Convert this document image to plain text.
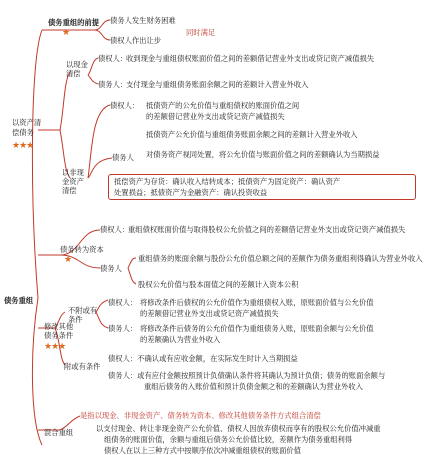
债务重组
债务重组的前提
★
债务人发生财务困难
债权人作出让步
同时满足
以资产清偿债务
★★★
以现金清偿
债权人：
收到现金与重组债权账面价值之间的差额借记营业外支出或贷记资产减值损失
债务人：
支付现金与重组债务账面余额之间的差额计入营业外收入
以非现金资产清偿
债权人： 抵债资产的公允价值与重组债权的账面价值之间
的差额借记营业外支出或贷记资产减值损失
债务人
抵债资产公允价值与重组债务账面余额之间的差额计入营业外收入
对债务资产视同处置，将公允价值与账面价值之间的差额确认为当期损益
抵偿资产为存货：确认收入结转成本；抵债资产为固定资产：确认资产
处置损益；抵债资产为金融资产：确认投资收益
债务转为资本
★
债权人：
重组债权账面价值与取得股权公允价值之间的差额借记营业外支出或贷记资产减值损失
债务人
重组债务的账面余额与股份公允价值总额之间的差额作为债务重组利得确认为营业外收入
股权公允价值与股本面值之间的差额计入资本公积
修改其他债务条件
★★★
不附或有条件
债权人： 将修改条件后债权的公允价值作为重组债权入账，原账面价值与公允价值
的差额借记营业外支出或贷记资产减值损失
债务人： 将修改条件后债务的公允价值作为重组债务入账，原账面余额与公允价值
的差额确认为营业外收入
附或有条件
债权人：不确认或有应收金额，在实际发生时计入当期损益
债务人：或有应付金额按照预计负债确认条件将其确认为预计负债；债务的账面余额与
重组后债务的入账价值和预计负债金额之和的差额确认为营业外收入
混合重组
是指以现金、非现金资产、债务转为资本、修改其他债务条件方式组合清偿
以支付现金、转让非现金资产公允价值、债权人因放弃债权而享有的股权公允价值冲减重
组债务的账面价值，余额与重组后债务公允价值比较，差额作为债务重组利得
债权人在以上三种方式中按顺序依次冲减重组债权的账面价值
